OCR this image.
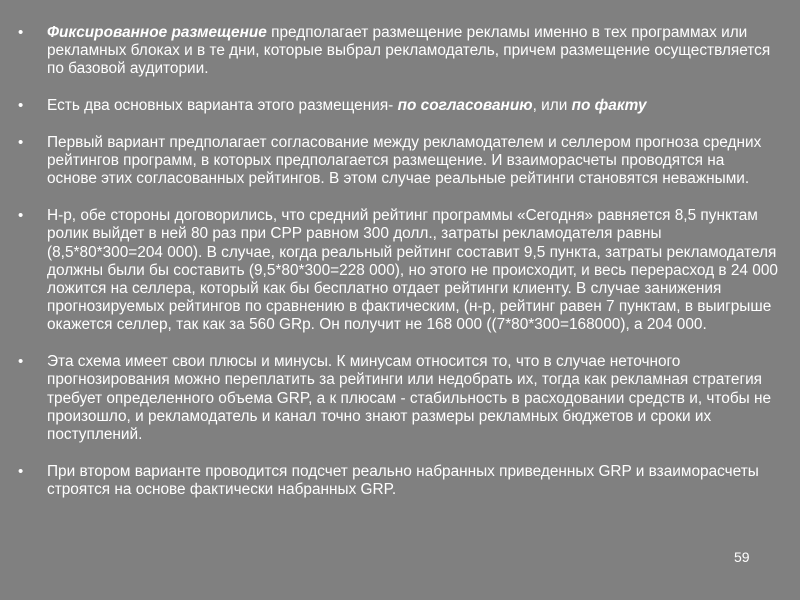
• Фиксированное размещение предполагает размещение рекламы именно в тех программах или рекламных блоках и в те дни, которые выбрал рекламодатель, причем размещение осуществляется по базовой аудитории.
• Есть два основных варианта этого размещения- по согласованию, или по факту
• Первый вариант предполагает согласование между рекламодателем и селлером прогноза средних рейтингов программ, в которых предполагается размещение. И взаиморасчеты проводятся на основе этих согласованных рейтингов. В этом случае реальные рейтинги становятся неважными.
• Н-р, обе стороны договорились, что средний рейтинг программы «Сегодня» равняется 8,5 пунктам ролик выйдет в ней 80 раз при CPP равном 300 долл., затраты рекламодателя равны (8,5*80*300=204 000). В случае, когда реальный рейтинг составит 9,5 пункта, затраты рекламодателя должны были бы составить (9,5*80*300=228 000), но этого не происходит, и весь перерасход в 24 000 ложится на селлера, который как бы бесплатно отдает рейтинги клиенту. В случае занижения прогнозируемых рейтингов по сравнению в фактическим, (н-р, рейтинг равен 7 пунктам, в выигрыше окажется селлер, так как за 560 GRp. Он получит не 168 000 ((7*80*300=168000), а 204 000.
• Эта схема имеет свои плюсы и минусы. К минусам относится то, что в случае неточного прогнозирования можно переплатить за рейтинги или недобрать их, тогда как рекламная стратегия требует определенного объема GRP, а к плюсам - стабильность в расходовании средств и, чтобы не произошло, и рекламодатель и канал точно знают размеры рекламных бюджетов и сроки их поступлений.
• При втором варианте проводится подсчет реально набранных приведенных GRP и взаиморасчеты строятся на основе фактически набранных GRP.
59
